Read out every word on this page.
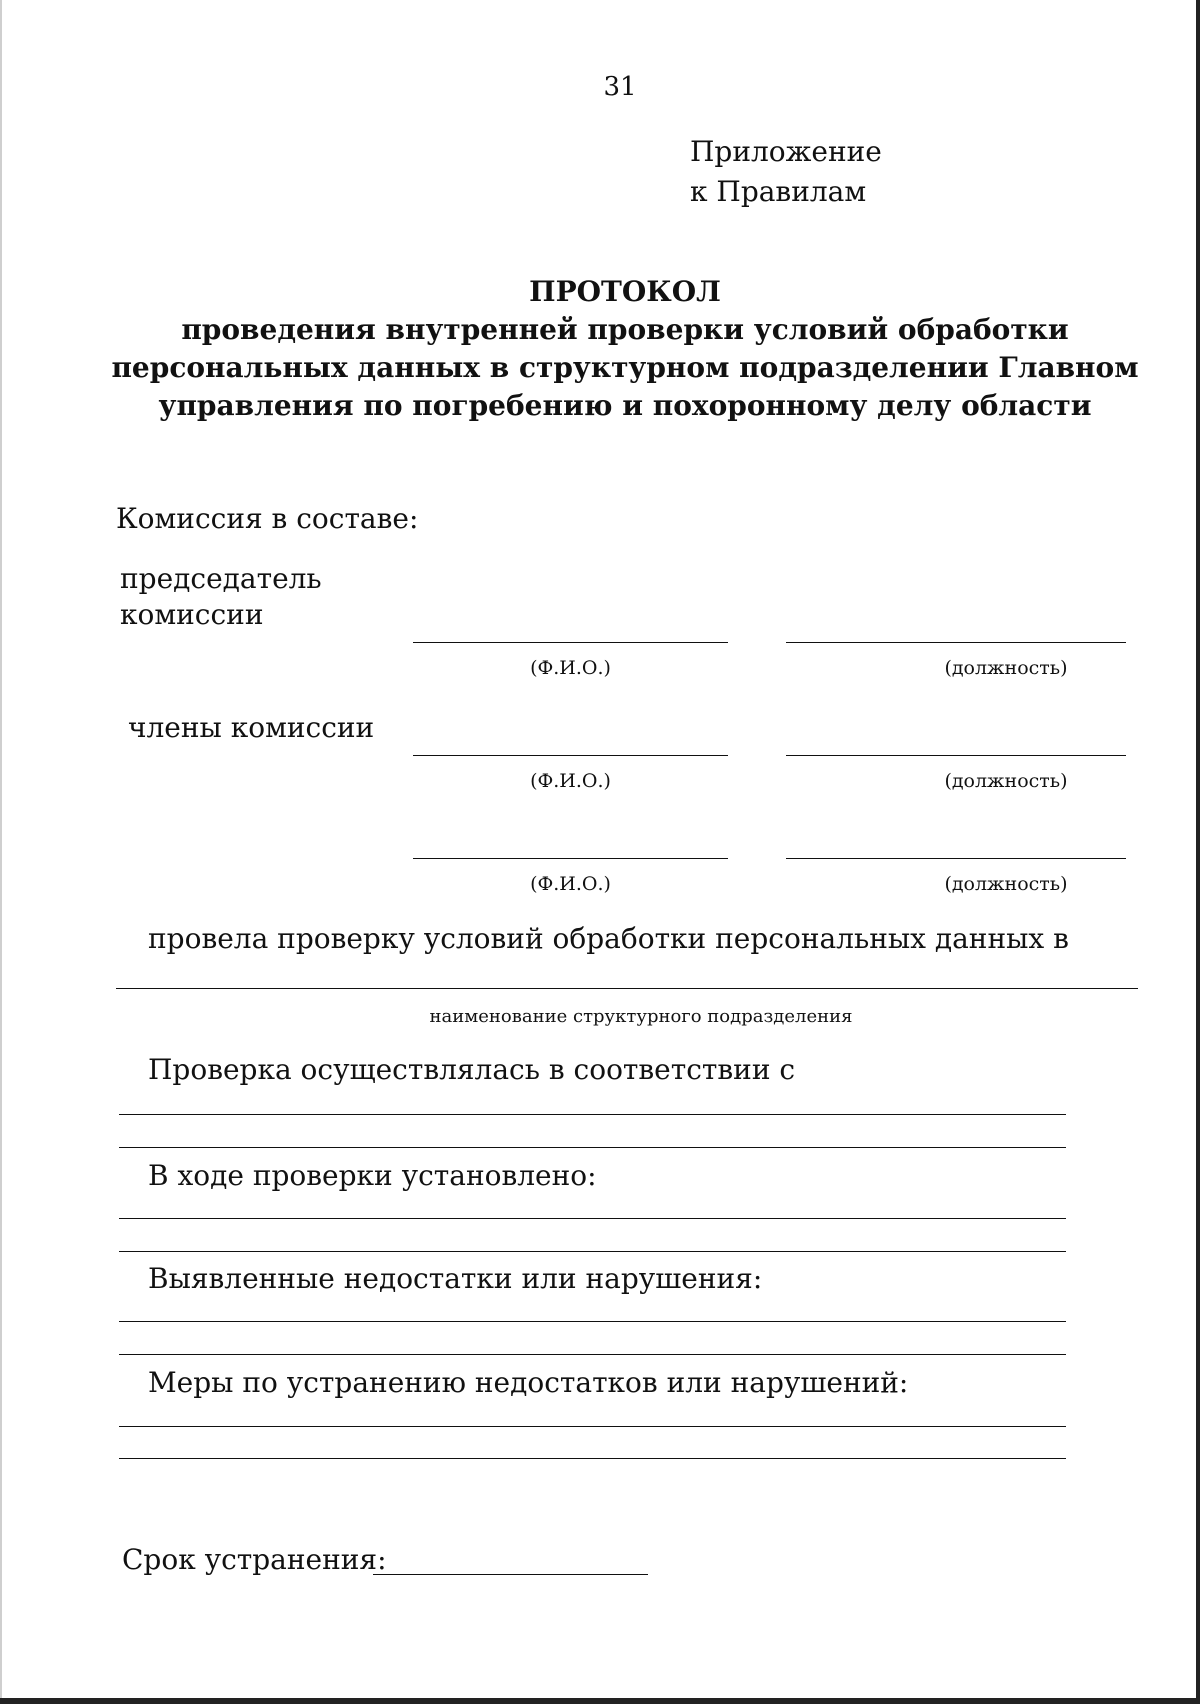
31
Приложение
к Правилам
ПРОТОКОЛ
проведения внутренней проверки условий обработки
персональных данных в структурном подразделении Главном
управления по погребению и похоронному делу области
Комиссия в составе:
председатель
комиссии
(Ф.И.О.)	(должность)
члены комиссии
(Ф.И.О.)	(должность)
(Ф.И.О.)	(должность)
провела проверку условий обработки персональных данных в
наименование структурного подразделения
Проверка осуществлялась в соответствии с
В ходе проверки установлено:
Выявленные недостатки или нарушения:
Меры по устранению недостатков или нарушений:
Срок устранения:
